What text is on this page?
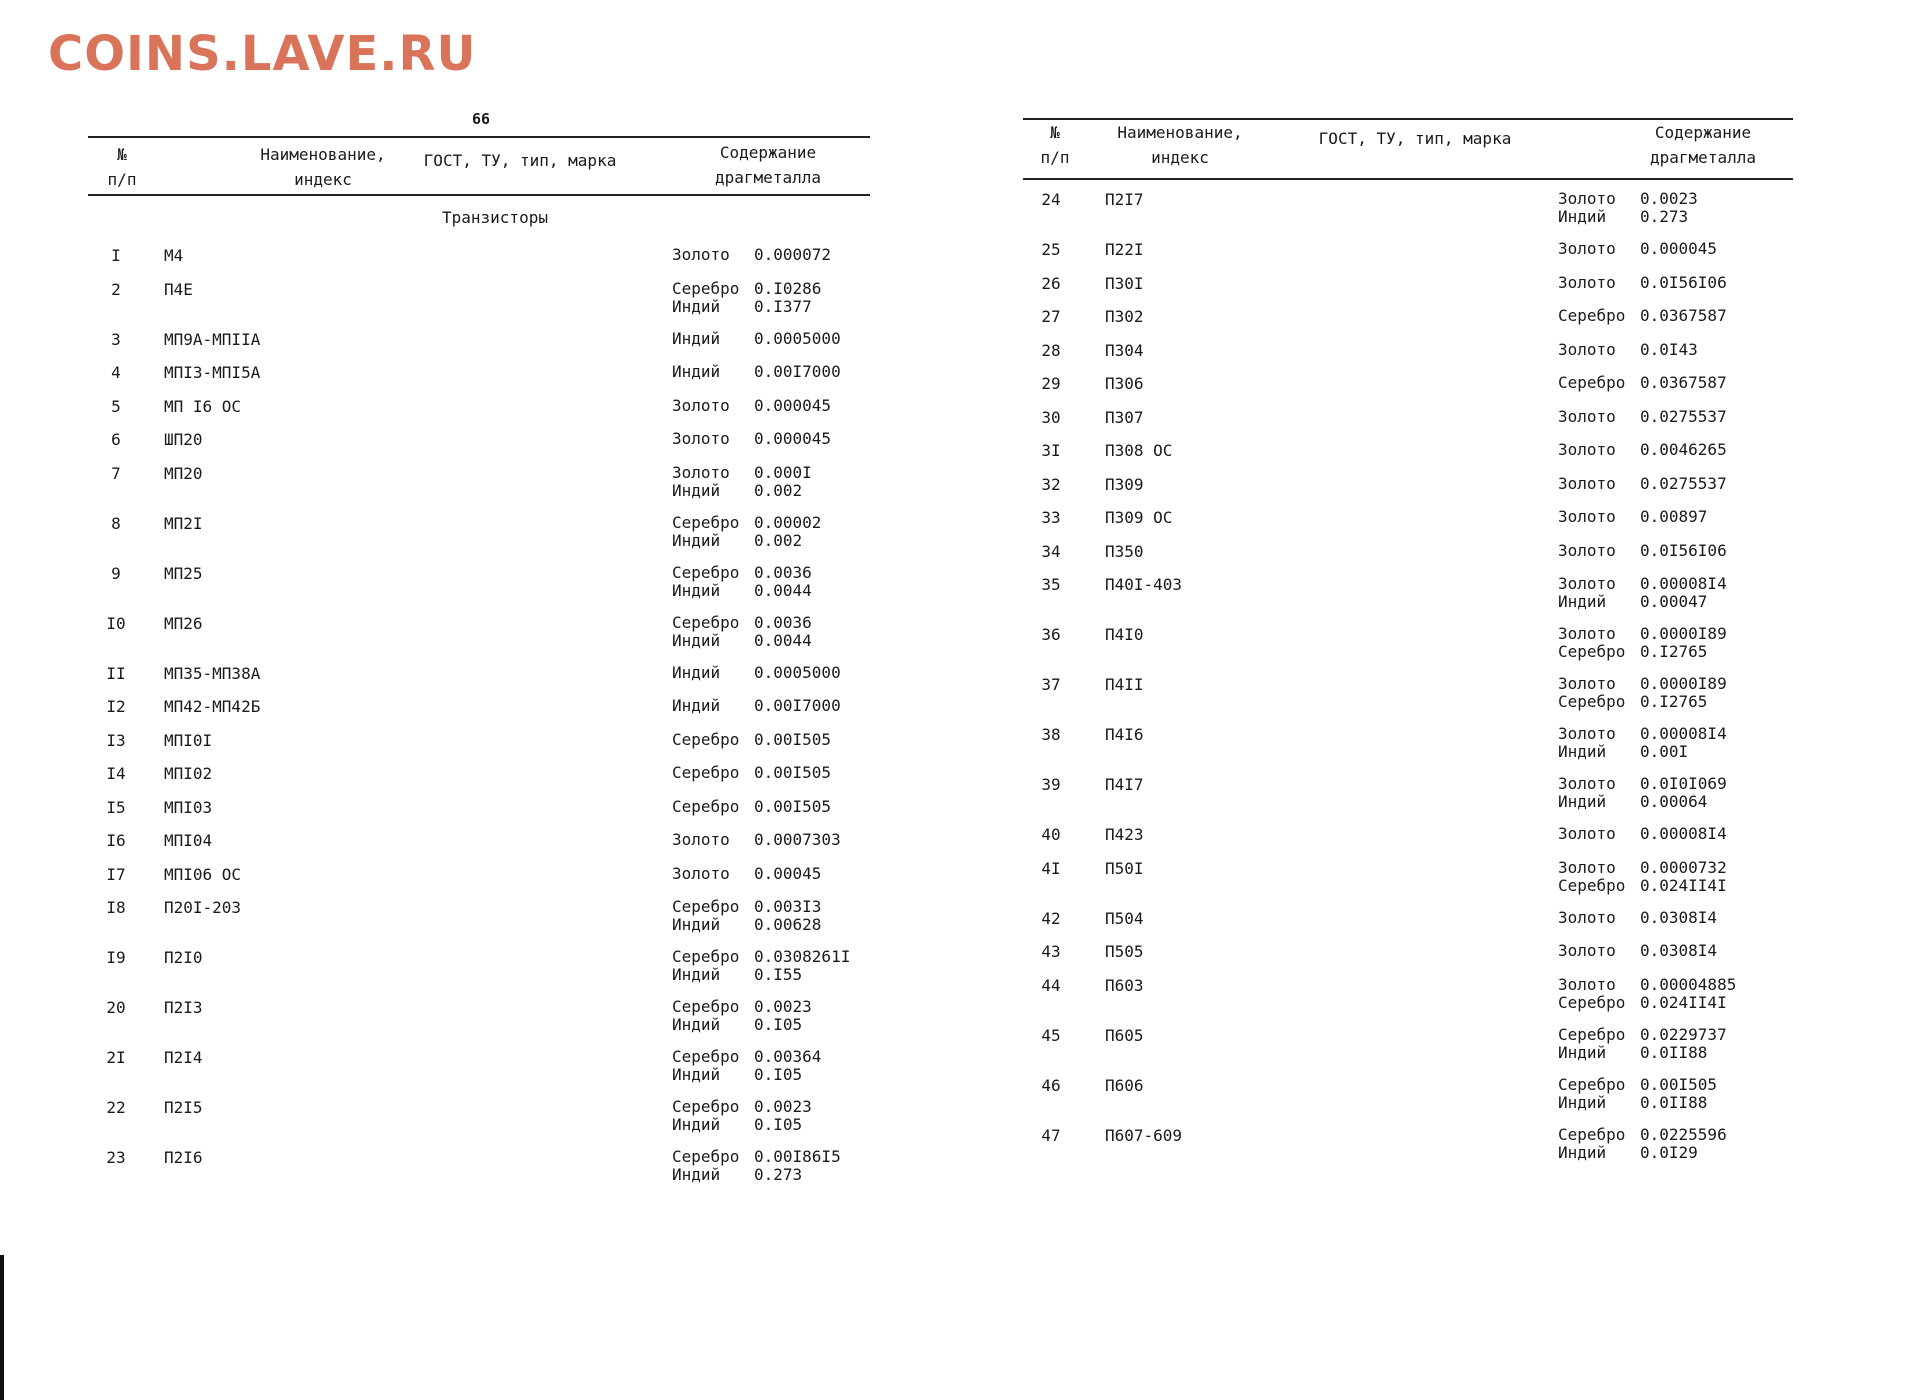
COINS.LAVE.RU
66
№
п/п
Наименование,
индекс
ГОСТ, ТУ, тип, марка	Содержание
драгметалла
Транзисторы
I	М4	Золото 0.000072
2	П4Е	Серебро 0.I0286
Индий 0.I377
3	МП9А-МПIIА	Индий 0.0005000
4	МПI3-МПI5А	Индий 0.00I7000
5	МП I6 ОС	Золото 0.000045
6	ШП20	Золото 0.000045
7	МП20	Золото 0.000I
Индий 0.002
8	МП2I	Серебро 0.00002
Индий 0.002
9	МП25	Серебро 0.0036
Индий 0.0044
I0	МП26	Серебро 0.0036
Индий 0.0044
II	МП35-МП38А	Индий 0.0005000
I2	МП42-МП42Б	Индий 0.00I7000
I3	МПI0I	Серебро 0.00I505
I4	МПI02	Серебро 0.00I505
I5	МПI03	Серебро 0.00I505
I6	МПI04	Золото 0.0007303
I7	МПI06 ОС	Золото 0.00045
I8	П20I-203	Серебро 0.003I3
Индий 0.00628
I9	П2I0	Серебро 0.0308261I
Индий 0.I55
20	П2I3	Серебро 0.0023
Индий 0.I05
2I	П2I4	Серебро 0.00364
Индий 0.I05
22	П2I5	Серебро 0.0023
Индий 0.I05
23	П2I6	Серебро 0.00I86I5
Индий 0.273
№
п/п
Наименование,
индекс
ГОСТ, ТУ, тип, марка	Содержание
драгметалла
24	П2I7	Золото 0.0023
Индий 0.273
25	П22I	Золото 0.000045
26	П30I	Золото 0.0I56I06
27	П302	Серебро 0.0367587
28	П304	Золото 0.0I43
29	П306	Серебро 0.0367587
30	П307	Золото 0.0275537
3I	П308 ОС	Золото 0.0046265
32	П309	Золото 0.0275537
33	П309 ОС	Золото 0.00897
34	П350	Золото 0.0I56I06
35	П40I-403	Золото 0.00008I4
Индий 0.00047
36	П4I0	Золото 0.0000I89
Серебро 0.I2765
37	П4II	Золото 0.0000I89
Серебро 0.I2765
38	П4I6	Золото 0.00008I4
Индий 0.00I
39	П4I7	Золото 0.0I0I069
Индий 0.00064
40	П423	Золото 0.00008I4
4I	П50I	Золото 0.0000732
Серебро 0.024II4I
42	П504	Золото 0.0308I4
43	П505	Золото 0.0308I4
44	П603	Золото 0.00004885
Серебро 0.024II4I
45	П605	Серебро 0.0229737
Индий 0.0II88
46	П606	Серебро 0.00I505
Индий 0.0II88
47	П607-609	Серебро 0.0225596
Индий 0.0I29
